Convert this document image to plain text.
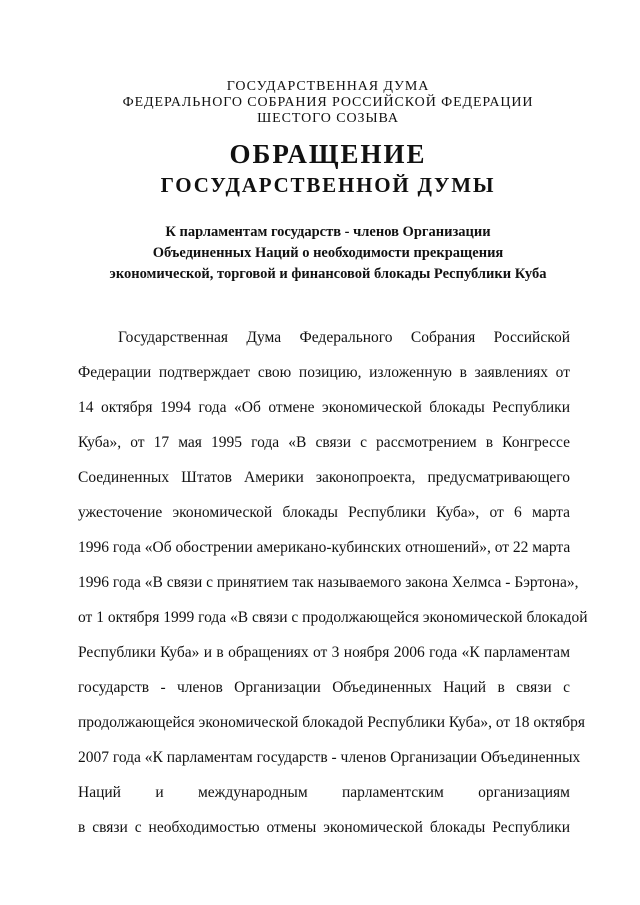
ГОСУДАРСТВЕННАЯ ДУМА

ФЕДЕРАЛЬНОГО СОБРАНИЯ РОССИЙСКОЙ ФЕДЕРАЦИИ

ШЕСТОГО СОЗЫВА

ОБРАЩЕНИЕ
ГОСУДАРСТВЕННОЙ ДУМЫ

К парламентам государств - членов Организации

Объединенных Наций о необходимости прекращения

экономической, торговой и финансовой блокады Республики Куба

Государственная Дума Федерального Собрания Российской
Федерации подтверждает свою позицию, изложенную в заявлениях от
14 октября 1994 года «Об отмене экономической блокады Республики
Куба», от 17 мая 1995 года «В связи с рассмотрением в Конгрессе
Соединенных Штатов Америки законопроекта, предусматривающего
ужесточение экономической блокады Республики Куба», от 6 марта
1996 года «Об обострении американо-кубинских отношений», от 22 марта
1996 года «В связи с принятием так называемого закона Хелмса - Бэртона»,
от 1 октября 1999 года «В связи с продолжающейся экономической блокадой
Республики Куба» и в обращениях от 3 ноября 2006 года «К парламентам
государств - членов Организации Объединенных Наций в связи с
продолжающейся экономической блокадой Республики Куба», от 18 октября
2007 года «К парламентам государств - членов Организации Объединенных
Наций и международным парламентским организациям
в связи с необходимостью отмены экономической блокады Республики
